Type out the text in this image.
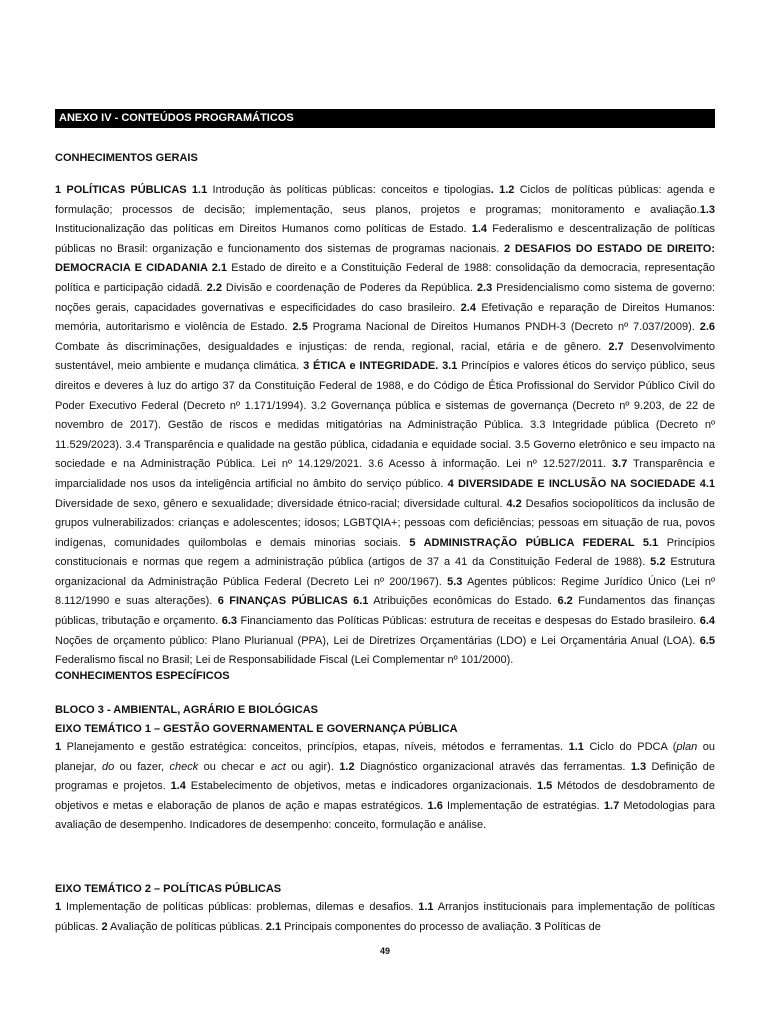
ANEXO IV - CONTEÚDOS PROGRAMÁTICOS
CONHECIMENTOS GERAIS
1 POLÍTICAS PÚBLICAS 1.1 Introdução às políticas públicas: conceitos e tipologias. 1.2 Ciclos de políticas públicas: agenda e formulação; processos de decisão; implementação, seus planos, projetos e programas; monitoramento e avaliação.1.3 Institucionalização das políticas em Direitos Humanos como políticas de Estado. 1.4 Federalismo e descentralização de políticas públicas no Brasil: organização e funcionamento dos sistemas de programas nacionais. 2 DESAFIOS DO ESTADO DE DIREITO: DEMOCRACIA E CIDADANIA 2.1 Estado de direito e a Constituição Federal de 1988: consolidação da democracia, representação política e participação cidadã. 2.2 Divisão e coordenação de Poderes da República. 2.3 Presidencialismo como sistema de governo: noções gerais, capacidades governativas e especificidades do caso brasileiro. 2.4 Efetivação e reparação de Direitos Humanos: memória, autoritarismo e violência de Estado. 2.5 Programa Nacional de Direitos Humanos PNDH-3 (Decreto nº 7.037/2009). 2.6 Combate às discriminações, desigualdades e injustiças: de renda, regional, racial, etária e de gênero. 2.7 Desenvolvimento sustentável, meio ambiente e mudança climática. 3 ÉTICA e INTEGRIDADE. 3.1 Princípios e valores éticos do serviço público, seus direitos e deveres à luz do artigo 37 da Constituição Federal de 1988, e do Código de Ética Profissional do Servidor Público Civil do Poder Executivo Federal (Decreto nº 1.171/1994). 3.2 Governança pública e sistemas de governança (Decreto nº 9.203, de 22 de novembro de 2017). Gestão de riscos e medidas mitigatórias na Administração Pública. 3.3 Integridade pública (Decreto nº 11.529/2023). 3.4 Transparência e qualidade na gestão pública, cidadania e equidade social. 3.5 Governo eletrônico e seu impacto na sociedade e na Administração Pública. Lei nº 14.129/2021. 3.6 Acesso à informação. Lei nº 12.527/2011. 3.7 Transparência e imparcialidade nos usos da inteligência artificial no âmbito do serviço público. 4 DIVERSIDADE E INCLUSÃO NA SOCIEDADE 4.1 Diversidade de sexo, gênero e sexualidade; diversidade étnico-racial; diversidade cultural. 4.2 Desafios sociopolíticos da inclusão de grupos vulnerabilizados: crianças e adolescentes; idosos; LGBTQIA+; pessoas com deficiências; pessoas em situação de rua, povos indígenas, comunidades quilombolas e demais minorias sociais. 5 ADMINISTRAÇÃO PÚBLICA FEDERAL 5.1 Princípios constitucionais e normas que regem a administração pública (artigos de 37 a 41 da Constituição Federal de 1988). 5.2 Estrutura organizacional da Administração Pública Federal (Decreto Lei nº 200/1967). 5.3 Agentes públicos: Regime Jurídico Único (Lei nº 8.112/1990 e suas alterações). 6 FINANÇAS PÚBLICAS 6.1 Atribuições econômicas do Estado. 6.2 Fundamentos das finanças públicas, tributação e orçamento. 6.3 Financiamento das Políticas Públicas: estrutura de receitas e despesas do Estado brasileiro. 6.4 Noções de orçamento público: Plano Plurianual (PPA), Lei de Diretrizes Orçamentárias (LDO) e Lei Orçamentária Anual (LOA). 6.5 Federalismo fiscal no Brasil; Lei de Responsabilidade Fiscal (Lei Complementar nº 101/2000).
CONHECIMENTOS ESPECÍFICOS
BLOCO 3 - AMBIENTAL, AGRÁRIO E BIOLÓGICAS
EIXO TEMÁTICO 1 – GESTÃO GOVERNAMENTAL E GOVERNANÇA PÚBLICA
1 Planejamento e gestão estratégica: conceitos, princípios, etapas, níveis, métodos e ferramentas. 1.1 Ciclo do PDCA (plan ou planejar, do ou fazer, check ou checar e act ou agir). 1.2 Diagnóstico organizacional através das ferramentas. 1.3 Definição de programas e projetos. 1.4 Estabelecimento de objetivos, metas e indicadores organizacionais. 1.5 Métodos de desdobramento de objetivos e metas e elaboração de planos de ação e mapas estratégicos. 1.6 Implementação de estratégias. 1.7 Metodologias para avaliação de desempenho. Indicadores de desempenho: conceito, formulação e análise.
EIXO TEMÁTICO 2 – POLÍTICAS PÚBLICAS
1 Implementação de políticas públicas: problemas, dilemas e desafios. 1.1 Arranjos institucionais para implementação de políticas públicas. 2 Avaliação de políticas públicas. 2.1 Principais componentes do processo de avaliação. 3 Políticas de
49
